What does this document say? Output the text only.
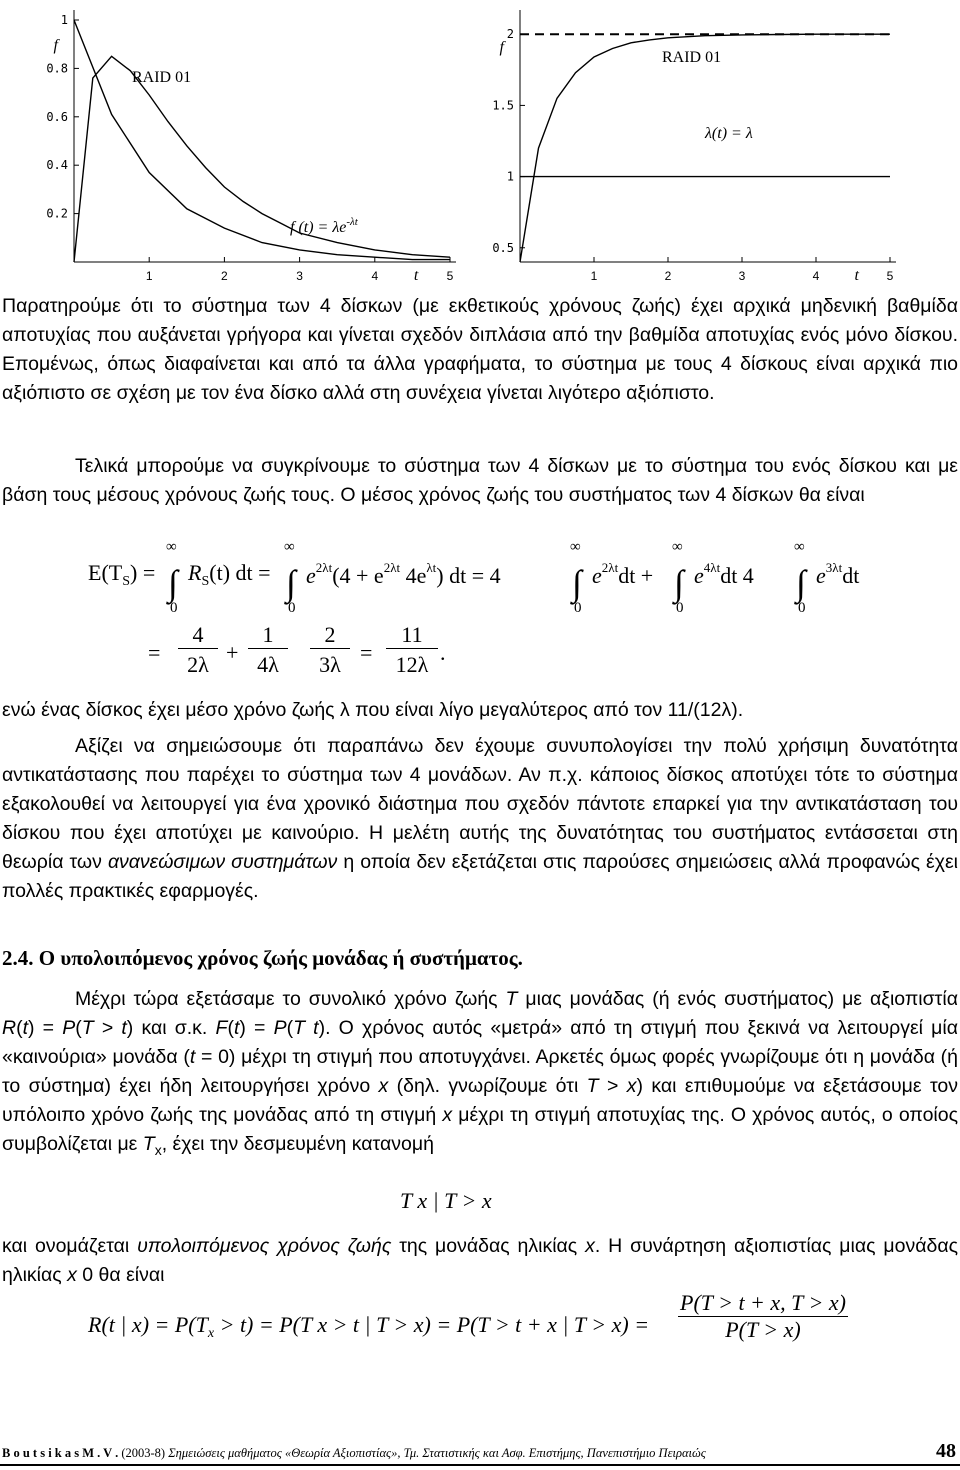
1	2	3	4	5
t
0.2
0.4
0.6
0.8
1
f
RAID 01
f $(t) = \lambda e^{-\lambda t}$
1	2	3	4	5
t
0.5
1
1.5
2
f
RAID 01
λ(t) = λ
Παρατηρούμε ότι το σύστημα των 4 δίσκων (με εκθετικούς χρόνους ζωής) έχει αρχικά μηδενική βαθμίδα αποτυχίας που αυξάνεται γρήγορα και γίνεται σχεδόν διπλάσια από την βαθμίδα αποτυχίας ενός μόνο δίσκου. Επομένως, όπως διαφαίνεται και από τα άλλα γραφήματα, το σύστημα με τους 4 δίσκους είναι αρχικά πιο αξιόπιστο σε σχέση με τον ένα δίσκο αλλά στη συνέχεια γίνεται λιγότερο αξιόπιστο.
Τελικά μπορούμε να συγκρίνουμε το σύστημα των 4 δίσκων με το σύστημα του ενός δίσκου και με βάση τους μέσους χρόνους ζωής τους. Ο μέσος χρόνος ζωής του συστήματος των 4 δίσκων θα είναι
$E(T_S)$ = ∫	∫	∫	∫	∫
∞	∞	∞	∞	∞
0	0	0	0	0
$R_S(t)$ dt = $e^{2\lambda t}(4 + e^{2\lambda t}$ $4e^{\lambda t}$) dt = 4	$e^{2\lambda t}dt + e^{4\lambda t}dt$ 4	$e^{3\lambda t}dt$
=
4
2λ +
1
4λ
2
3λ =
11
12λ .
ενώ ένας δίσκος έχει μέσο χρόνο ζωής λ που είναι λίγο μεγαλύτερος από τον 11/(12λ).
Αξίζει να σημειώσουμε ότι παραπάνω δεν έχουμε συνυπολογίσει την πολύ χρήσιμη δυνατότητα αντικατάστασης που παρέχει το σύστημα των 4 μονάδων. Αν π.χ. κάποιος δίσκος αποτύχει τότε το σύστημα εξακολουθεί να λειτουργεί για ένα χρονικό διάστημα που σχεδόν πάντοτε επαρκεί για την αντικατάσταση του δίσκου που έχει αποτύχει με καινούριο. Η μελέτη αυτής της δυνατότητας του συστήματος εντάσσεται στη θεωρία των ανανεώσιμων συστημάτων η οποία δεν εξετάζεται στις παρούσες σημειώσεις αλλά προφανώς έχει πολλές πρακτικές εφαρμογές.
2.4. Ο υπολοιπόμενος χρόνος ζωής μονάδας ή συστήματος.
Μέχρι τώρα εξετάσαμε το συνολικό χρόνο ζωής T μιας μονάδας (ή ενός συστήματος) με αξιοπιστία R(t) = P(T > t) και σ.κ. F(t) = P(T t). Ο χρόνος αυτός «μετρά» από τη στιγμή που ξεκινά να λειτουργεί μία «καινούρια» μονάδα (t = 0) μέχρι τη στιγμή που αποτυγχάνει. Αρκετές όμως φορές γνωρίζουμε ότι η μονάδα (ή το σύστημα) έχει ήδη λειτουργήσει χρόνο x (δηλ. γνωρίζουμε ότι T > x) και επιθυμούμε να εξετάσουμε τον υπόλοιπο χρόνο ζωής της μονάδας από τη στιγμή x μέχρι τη στιγμή αποτυχίας της. Ο χρόνος αυτός, ο οποίος συμβολίζεται με $T_x$, έχει την δεσμευμένη κατανομή
T x | T > x
και ονομάζεται υπολοιπόμενος χρόνος ζωής της μονάδας ηλικίας x. Η συνάρτηση αξιοπιστίας μιας μονάδας ηλικίας x 0 θα είναι
R(t | $x) = P(T_x > t) = P(T$ x > t | T > x) = P(T > t + x | $T > x) = \frac{P(T > t + x, T > x)}{P(T > x)}$
B o u t s i k a s M . V . (2003-8) Σημειώσεις μαθήματος «Θεωρία Αξιοπιστίας», Τμ. Στατιστικής και Ασφ. Επιστήμης, Πανεπιστήμιο Πειραιώς	48
